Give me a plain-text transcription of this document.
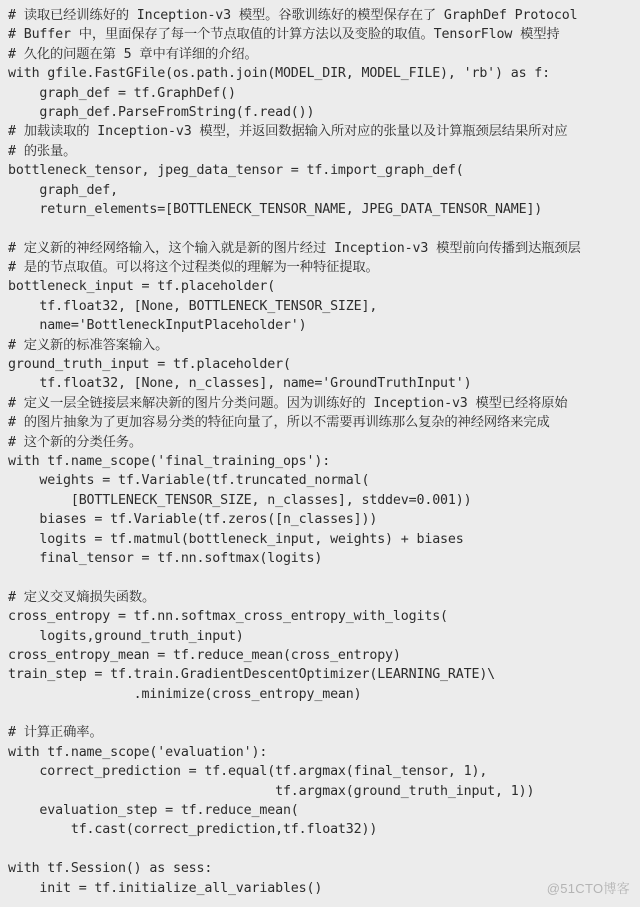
# 读取已经训练好的 Inception-v3 模型。谷歌训练好的模型保存在了 GraphDef Protocol
# Buffer 中，里面保存了每一个节点取值的计算方法以及变脸的取值。TensorFlow 模型持
# 久化的问题在第 5 章中有详细的介绍。
with gfile.FastGFile(os.path.join(MODEL_DIR, MODEL_FILE), 'rb') as f:
graph_def = tf.GraphDef()
graph_def.ParseFromString(f.read())
# 加载读取的 Inception-v3 模型，并返回数据输入所对应的张量以及计算瓶颈层结果所对应
# 的张量。
bottleneck_tensor, jpeg_data_tensor = tf.import_graph_def(
graph_def,
return_elements=[BOTTLENECK_TENSOR_NAME, JPEG_DATA_TENSOR_NAME])
# 定义新的神经网络输入，这个输入就是新的图片经过 Inception-v3 模型前向传播到达瓶颈层
# 是的节点取值。可以将这个过程类似的理解为一种特征提取。
bottleneck_input = tf.placeholder(
tf.float32, [None, BOTTLENECK_TENSOR_SIZE],
name='BottleneckInputPlaceholder')
# 定义新的标准答案输入。
ground_truth_input = tf.placeholder(
tf.float32, [None, n_classes], name='GroundTruthInput')
# 定义一层全链接层来解决新的图片分类问题。因为训练好的 Inception-v3 模型已经将原始
# 的图片抽象为了更加容易分类的特征向量了，所以不需要再训练那么复杂的神经网络来完成
# 这个新的分类任务。
with tf.name_scope('final_training_ops'):
weights = tf.Variable(tf.truncated_normal(
[BOTTLENECK_TENSOR_SIZE, n_classes], stddev=0.001))
biases = tf.Variable(tf.zeros([n_classes]))
logits = tf.matmul(bottleneck_input, weights) + biases
final_tensor = tf.nn.softmax(logits)
# 定义交叉熵损失函数。
cross_entropy = tf.nn.softmax_cross_entropy_with_logits(
logits,ground_truth_input)
cross_entropy_mean = tf.reduce_mean(cross_entropy)
train_step = tf.train.GradientDescentOptimizer(LEARNING_RATE)\
.minimize(cross_entropy_mean)
# 计算正确率。
with tf.name_scope('evaluation'):
correct_prediction = tf.equal(tf.argmax(final_tensor, 1),
tf.argmax(ground_truth_input, 1))
evaluation_step = tf.reduce_mean(
tf.cast(correct_prediction,tf.float32))
with tf.Session() as sess:
init = tf.initialize_all_variables()	@51CTO博客
